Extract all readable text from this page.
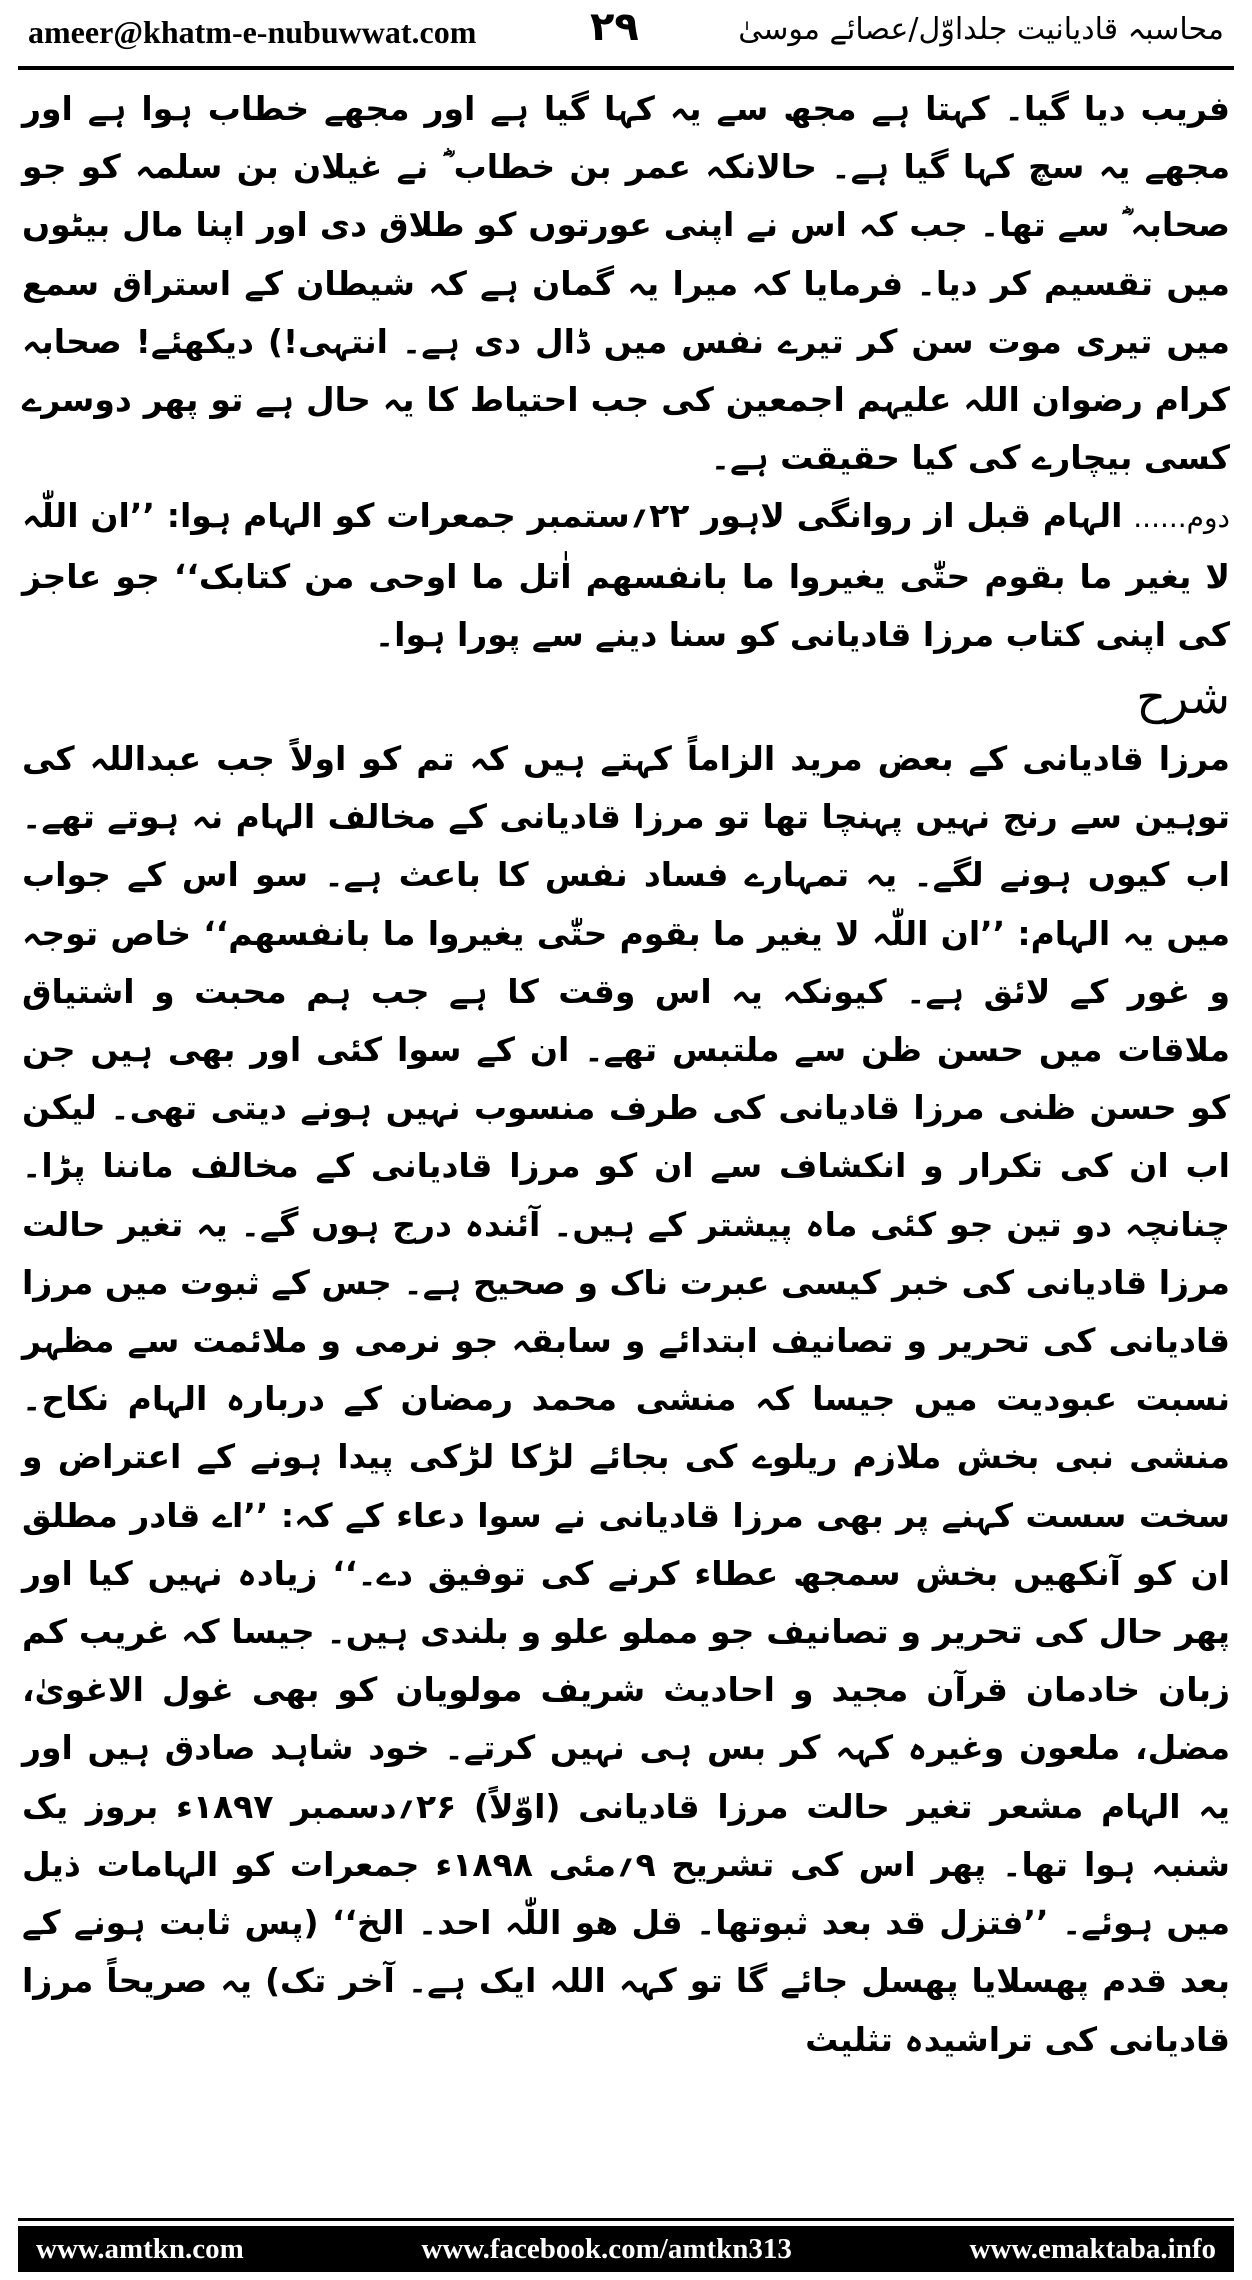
ameer@khatm-e-nubuwwat.com	۲۹	محاسبہ قادیانیت جلداوّل/عصائے موسیٰ

فریب دیا گیا۔ کہتا ہے مجھ سے یہ کہا گیا ہے اور مجھے خطاب ہوا ہے اور مجھے یہ سچ کہا گیا ہے۔ حالانکہ عمر بن خطاب ؓ نے غیلان بن سلمہ کو جو صحابہ ؓ سے تھا۔ جب کہ اس نے اپنی عورتوں کو طلاق دی اور اپنا مال بیٹوں میں تقسیم کر دیا۔ فرمایا کہ میرا یہ گمان ہے کہ شیطان کے استراق سمع میں تیری موت سن کر تیرے نفس میں ڈال دی ہے۔ انتہی!) دیکھئے! صحابہ کرام رضوان اللہ علیہم اجمعین کی جب احتیاط کا یہ حال ہے تو پھر دوسرے کسی بیچارے کی کیا حقیقت ہے۔

دوم...... الہام قبل از روانگی لاہور ۲۲؍ستمبر جمعرات کو الہام ہوا: ’’ان اللّٰہ لا یغیر ما بقوم حتّٰی یغیروا ما بانفسھم اٰتل ما اوحی من کتابک‘‘ جو عاجز کی اپنی کتاب مرزا قادیانی کو سنا دینے سے پورا ہوا۔

شرح

مرزا قادیانی کے بعض مرید الزاماً کہتے ہیں کہ تم کو اولاً جب عبداللہ کی توہین سے رنج نہیں پہنچا تھا تو مرزا قادیانی کے مخالف الہام نہ ہوتے تھے۔ اب کیوں ہونے لگے۔ یہ تمہارے فساد نفس کا باعث ہے۔ سو اس کے جواب میں یہ الہام: ’’ان اللّٰہ لا یغیر ما بقوم حتّٰی یغیروا ما بانفسھم‘‘ خاص توجہ و غور کے لائق ہے۔ کیونکہ یہ اس وقت کا ہے جب ہم محبت و اشتیاق ملاقات میں حسن ظن سے ملتبس تھے۔ ان کے سوا کئی اور بھی ہیں جن کو حسن ظنی مرزا قادیانی کی طرف منسوب نہیں ہونے دیتی تھی۔ لیکن اب ان کی تکرار و انکشاف سے ان کو مرزا قادیانی کے مخالف ماننا پڑا۔ چنانچہ دو تین جو کئی ماہ پیشتر کے ہیں۔ آئندہ درج ہوں گے۔ یہ تغیر حالت مرزا قادیانی کی خبر کیسی عبرت ناک و صحیح ہے۔ جس کے ثبوت میں مرزا قادیانی کی تحریر و تصانیف ابتدائے و سابقہ جو نرمی و ملائمت سے مظہر نسبت عبودیت میں جیسا کہ منشی محمد رمضان کے دربارہ الہام نکاح۔ منشی نبی بخش ملازم ریلوے کی بجائے لڑکا لڑکی پیدا ہونے کے اعتراض و سخت سست کہنے پر بھی مرزا قادیانی نے سوا دعاء کے کہ: ’’اے قادر مطلق ان کو آنکھیں بخش سمجھ عطاء کرنے کی توفیق دے۔‘‘ زیادہ نہیں کیا اور پھر حال کی تحریر و تصانیف جو مملو علو و بلندی ہیں۔ جیسا کہ غریب کم زبان خادمان قرآن مجید و احادیث شریف مولویان کو بھی غول الاغویٰ، مضل، ملعون وغیرہ کہہ کر بس ہی نہیں کرتے۔ خود شاہد صادق ہیں اور یہ الہام مشعر تغیر حالت مرزا قادیانی (اوّلاً) ۲۶؍دسمبر ۱۸۹۷ء بروز یک شنبہ ہوا تھا۔ پھر اس کی تشریح ۹؍مئی ۱۸۹۸ء جمعرات کو الہامات ذیل میں ہوئے۔ ’’فتزل قد بعد ثبوتھا۔ قل ھو اللّٰہ احد۔ الخ‘‘ (پس ثابت ہونے کے بعد قدم پھسلایا پھسل جائے گا تو کہہ اللہ ایک ہے۔ آخر تک) یہ صریحاً مرزا قادیانی کی تراشیدہ تثلیث

www.amtkn.com	www.facebook.com/amtkn313	www.emaktaba.info
